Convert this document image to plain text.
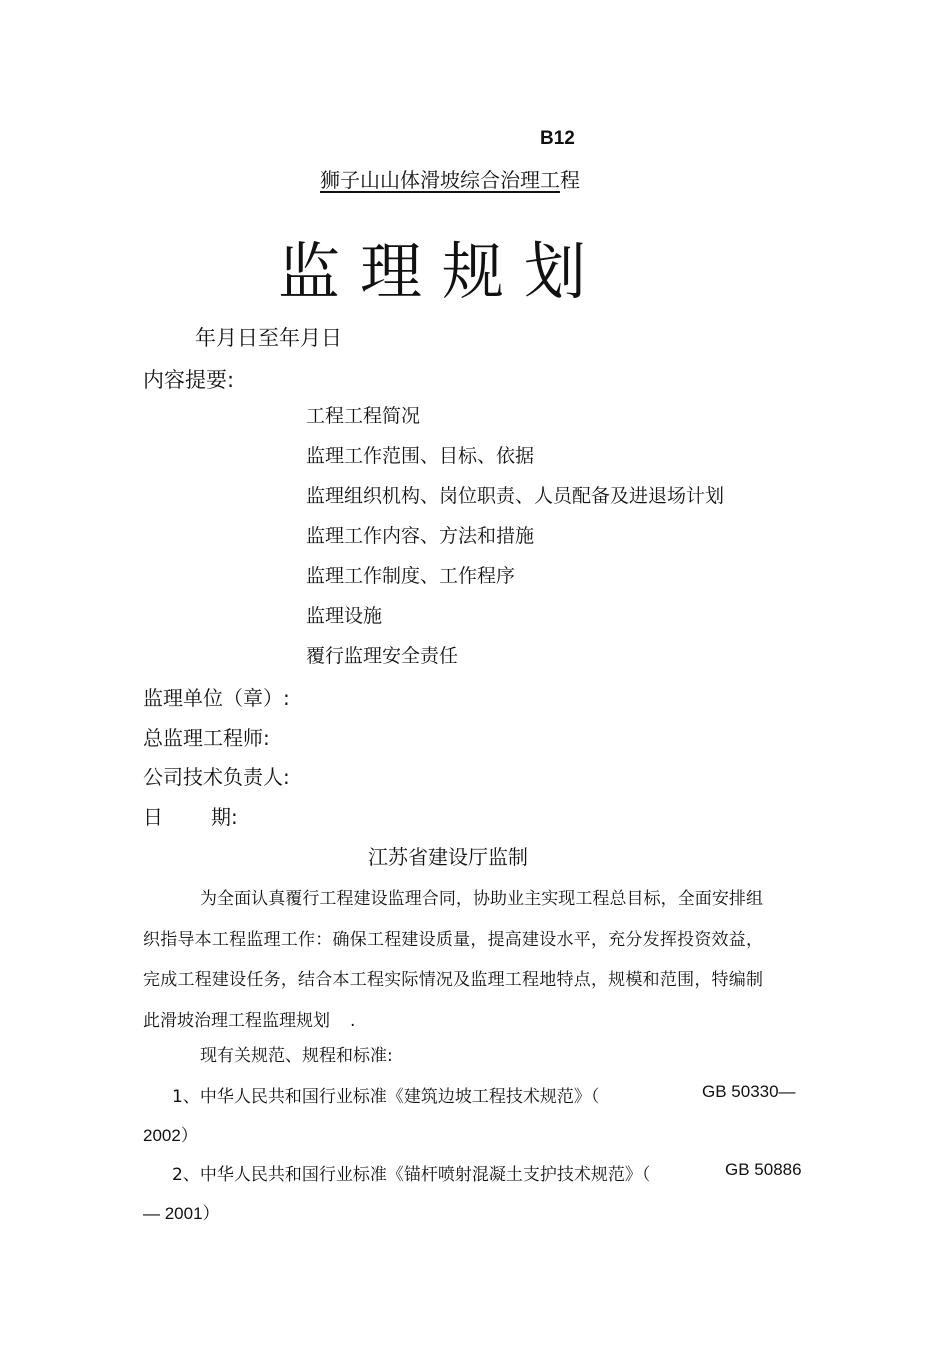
B12
狮子山山体滑坡综合治理工程
监理规划
年月日至年月日
内容提要:
工程工程简况
监理工作范围、目标、依据
监理组织机构、岗位职责、人员配备及进退场计划
监理工作内容、方法和措施
监理工作制度、工作程序
监理设施
覆行监理安全责任
监理单位（章）:
总监理工程师:
公司技术负责人:
日 期:
江苏省建设厅监制

为全面认真覆行工程建设监理合同，协助业主实现工程总目标，全面安排组织指导本工程监理工作：确保工程建设质量，提高建设水平，充分发挥投资效益，完成工程建设任务，结合本工程实际情况及监理工程地特点，规模和范围，特编制此滑坡治理工程监理规划 .

现有关规范、规程和标准:
1、中华人民共和国行业标准《建筑边坡工程技术规范》（	GB 50330—
2002）
2、中华人民共和国行业标准《锚杆喷射混凝土支护技术规范》（	GB 50886
— 2001）
